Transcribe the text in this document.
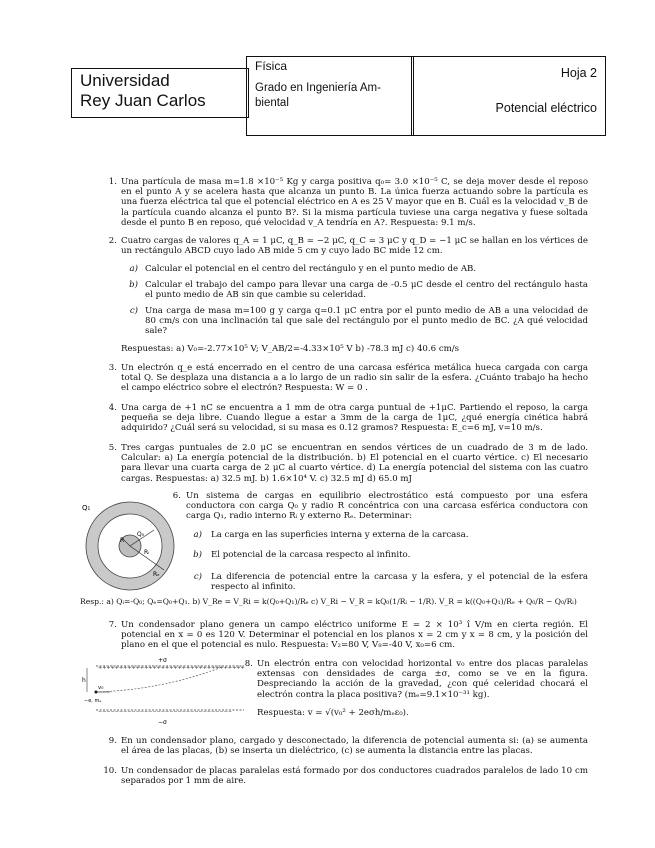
Universidad
Rey Juan Carlos
Física
Grado en Ingeniería Am-
biental
Hoja 2
Potencial eléctrico
1. Una partícula de masa m=1.8 ×10⁻⁵ Kg y carga positiva q₀= 3.0 ×10⁻⁵ C, se deja mover desde el reposo en el punto A y se acelera hasta que alcanza un punto B. La única fuerza actuando sobre la partícula es una fuerza eléctrica tal que el potencial eléctrico en A es 25 V mayor que en B. Cuál es la velocidad v_B de la partícula cuando alcanza el punto B?. Si la misma partícula tuviese una carga negativa y fuese soltada desde el punto B en reposo, qué velocidad v_A tendría en A?. Respuesta: 9.1 m/s.
2. Cuatro cargas de valores q_A = 1 μC, q_B = −2 μC, q_C = 3 μC y q_D = −1 μC se hallan en los vértices de un rectángulo ABCD cuyo lado AB mide 5 cm y cuyo lado BC mide 12 cm.
a) Calcular el potencial en el centro del rectángulo y en el punto medio de AB.
b) Calcular el trabajo del campo para llevar una carga de -0.5 μC desde el centro del rectángulo hasta el punto medio de AB sin que cambie su celeridad.
c) Una carga de masa m=100 g y carga q=0.1 μC entra por el punto medio de AB a una velocidad de 80 cm/s con una inclinación tal que sale del rectángulo por el punto medio de BC. ¿A qué velocidad sale?
Respuestas: a) V₀=-2.77×10⁵ V; V_AB/2=-4.33×10⁵ V b) -78.3 mJ c) 40.6 cm/s
3. Un electrón q_e está encerrado en el centro de una carcasa esférica metálica hueca cargada con carga total Q. Se desplaza una distancia a a lo largo de un radio sin salir de la esfera. ¿Cuánto trabajo ha hecho el campo eléctrico sobre el electrón? Respuesta: W = 0 .
4. Una carga de +1 nC se encuentra a 1 mm de otra carga puntual de +1μC. Partiendo el reposo, la carga pequeña se deja libre. Cuando llegue a estar a 3mm de la carga de 1μC, ¿qué energía cinética habrá adquirido? ¿Cuál será su velocidad, si su masa es 0.12 gramos? Respuesta: E_c=6 mJ, v=10 m/s.
5. Tres cargas puntuales de 2.0 μC se encuentran en sendos vértices de un cuadrado de 3 m de lado. Calcular: a) La energía potencial de la distribución. b) El potencial en el cuarto vértice. c) El necesario para llevar una cuarta carga de 2 μC al cuarto vértice. d) La energía potencial del sistema con las cuatro cargas. Respuestas: a) 32.5 mJ. b) 1.6×10⁴ V. c) 32.5 mJ d) 65.0 mJ
Q₁
Q₀
R
Rᵢ
Rₑ
6. Un sistema de cargas en equilibrio electrostático está compuesto por una esfera conductora con carga Q₀ y radio R concéntrica con una carcasa esférica conductora con carga Q₁, radio interno Rᵢ y externo Rₑ. Determinar:
a) La carga en las superficies interna y externa de la carcasa.
b) El potencial de la carcasa respecto al infinito.
c) La diferencia de potencial entre la carcasa y la esfera, y el potencial de la esfera respecto al infinito.
Resp.: a) Qᵢ=-Q₀; Qₑ=Q₀+Q₁. b) V_Re = V_Ri = k(Q₀+Q₁)/Rₑ c) V_Ri − V_R = kQ₀(1/Rᵢ − 1/R). V_R = k((Q₀+Q₁)/Rₑ + Q₀/R − Q₀/Rᵢ)
7. Un condensador plano genera un campo eléctrico uniforme E = 2 × 10³ î V/m en cierta región. El potencial en x = 0 es 120 V. Determinar el potencial en los planos x = 2 cm y x = 8 cm, y la posición del plano en el que el potencial es nulo. Respuesta: V₂=80 V, V₈=-40 V, x₀=6 cm.
+σ
+++++++++++++++++++++++++++++++++++
−−−−−−−−−−−−−−−−−−−−−−−−−−−−−−−−
−σ
h
v₀
−e, mₑ
8. Un electrón entra con velocidad horizontal v₀ entre dos placas paralelas extensas con densidades de carga ±σ, como se ve en la figura. Despreciando la acción de la gravedad, ¿con qué celeridad chocará el electrón contra la placa positiva? (mₑ=9.1×10⁻³¹ kg).
Respuesta: v = √(v₀² + 2eσh/mₑε₀).
9. En un condensador plano, cargado y desconectado, la diferencia de potencial aumenta si: (a) se aumenta el área de las placas, (b) se inserta un dieléctrico, (c) se aumenta la distancia entre las placas.
10. Un condensador de placas paralelas está formado por dos conductores cuadrados paralelos de lado 10 cm separados por 1 mm de aire.
